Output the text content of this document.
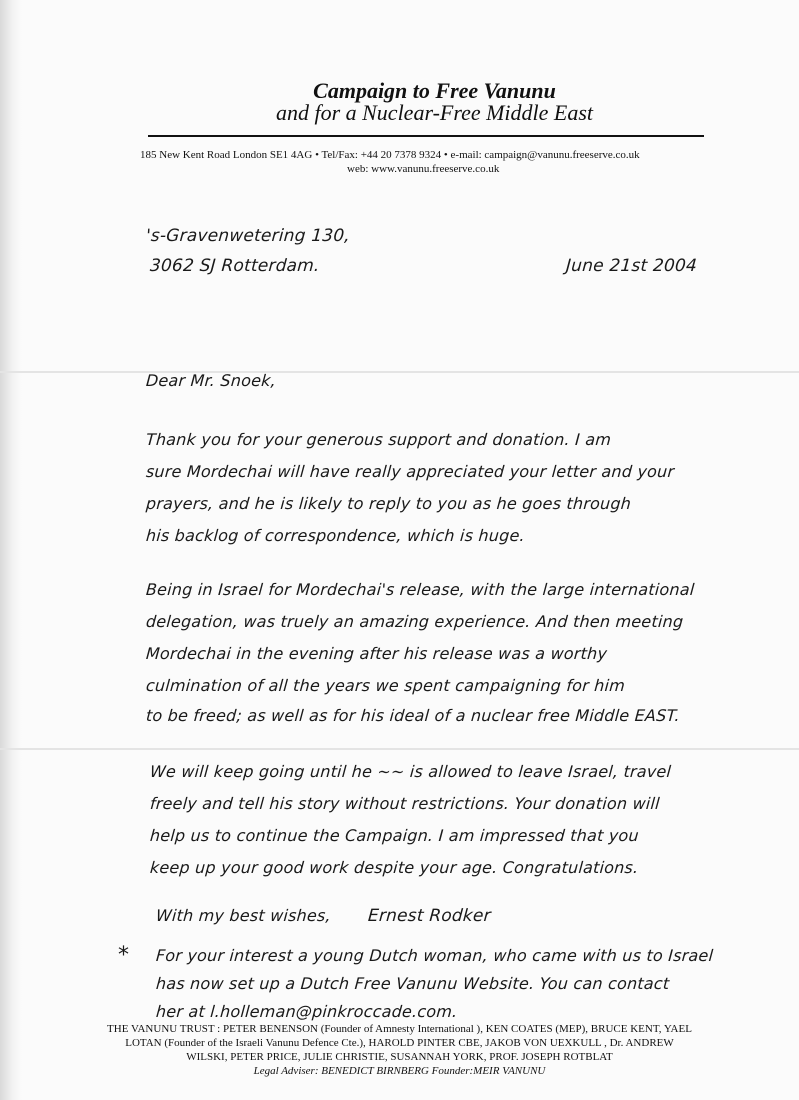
Campaign to Free Vanunu
and for a Nuclear-Free Middle East
185 New Kent Road London SE1 4AG • Tel/Fax: +44 20 7378 9324 • e-mail: campaign@vanunu.freeserve.co.uk
web: www.vanunu.freeserve.co.uk
's-Gravenwetering 130,
3062 SJ Rotterdam.	June 21st 2004
Dear Mr. Snoek,
Thank you for your generous support and donation. I am
sure Mordechai will have really appreciated your letter and your
prayers, and he is likely to reply to you as he goes through
his backlog of correspondence, which is huge.
Being in Israel for Mordechai's release, with the large international
delegation, was truely an amazing experience. And then meeting
Mordechai in the evening after his release was a worthy
culmination of all the years we spent campaigning for him
to be freed; as well as for his ideal of a nuclear free Middle EAST.
We will keep going until he ~~ is allowed to leave Israel, travel
freely and tell his story without restrictions. Your donation will
help us to continue the Campaign. I am impressed that you
keep up your good work despite your age. Congratulations.
With my best wishes, Ernest Rodker
* For your interest a young Dutch woman, who came with us to Israel
has now set up a Dutch Free Vanunu Website. You can contact
her at l.holleman@pinkroccade.com.
THE VANUNU TRUST : PETER BENENSON (Founder of Amnesty International ), KEN COATES (MEP), BRUCE KENT, YAEL
LOTAN (Founder of the Israeli Vanunu Defence Cte.), HAROLD PINTER CBE, JAKOB VON UEXKULL , Dr. ANDREW
WILSKI, PETER PRICE, JULIE CHRISTIE, SUSANNAH YORK, PROF. JOSEPH ROTBLAT
Legal Adviser: BENEDICT BIRNBERG Founder:MEIR VANUNU
